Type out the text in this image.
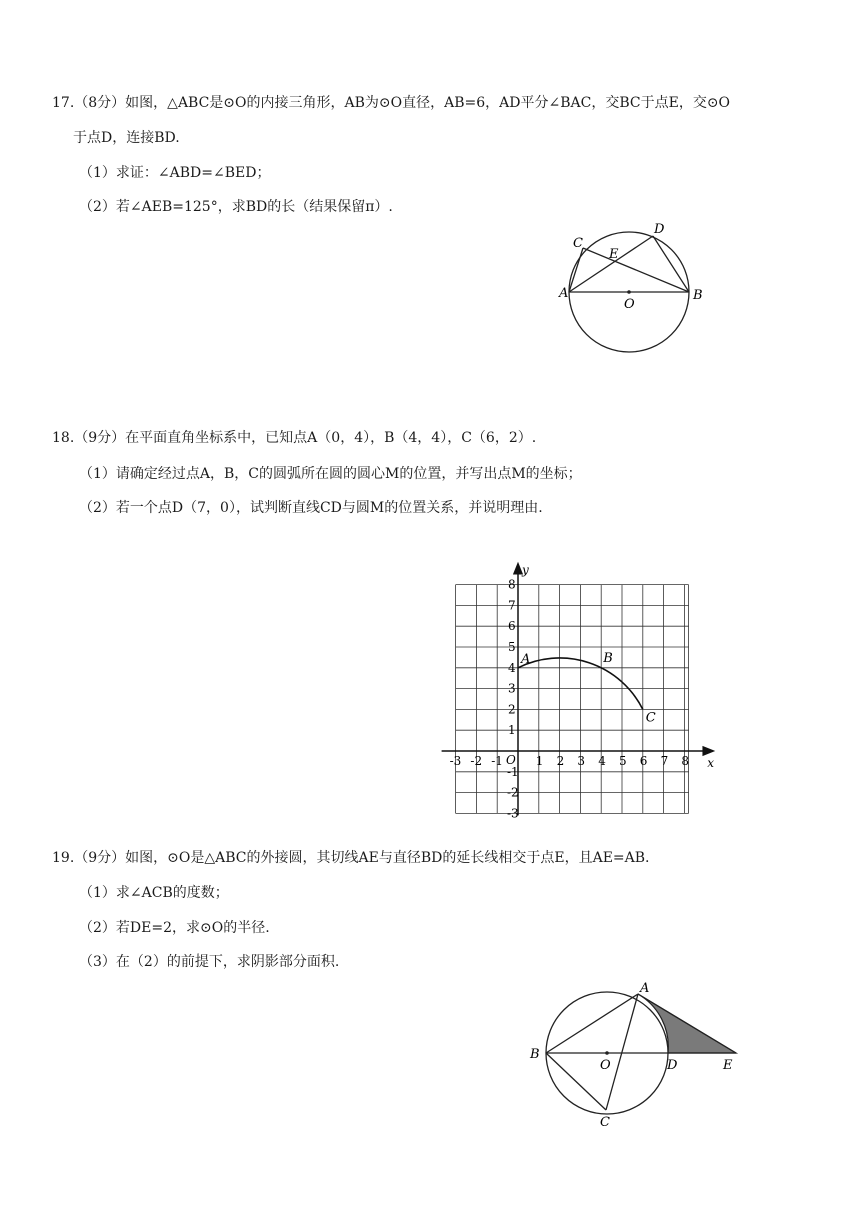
17.（8分）如图，△ABC是⊙O的内接三角形，AB为⊙O直径，AB=6，AD平分∠BAC，交BC于点E，交⊙O
于点D，连接BD.
（1）求证：∠ABD=∠BED；
（2）若∠AEB=125°，求BD的长（结果保留π）.
A	B
C
D
E
O
18.（9分）在平面直角坐标系中，已知点A（0，4），B（4，4），C（6，2）.
（1）请确定经过点A，B，C的圆弧所在圆的圆心M的位置，并写出点M的坐标；
（2）若一个点D（7，0），试判断直线CD与圆M的位置关系，并说明理由.
-3 -2 -1	1 2 3 4 5 6 7 8
8
7
6
5
4
3
2
1
-1
-2
-3
O	x
y
A	B
C
19.（9分）如图，⊙O是△ABC的外接圆，其切线AE与直径BD的延长线相交于点E，且AE=AB.
（1）求∠ACB的度数；
（2）若DE=2，求⊙O的半径.
（3）在（2）的前提下，求阴影部分面积.
A
B
C
D	E
O
